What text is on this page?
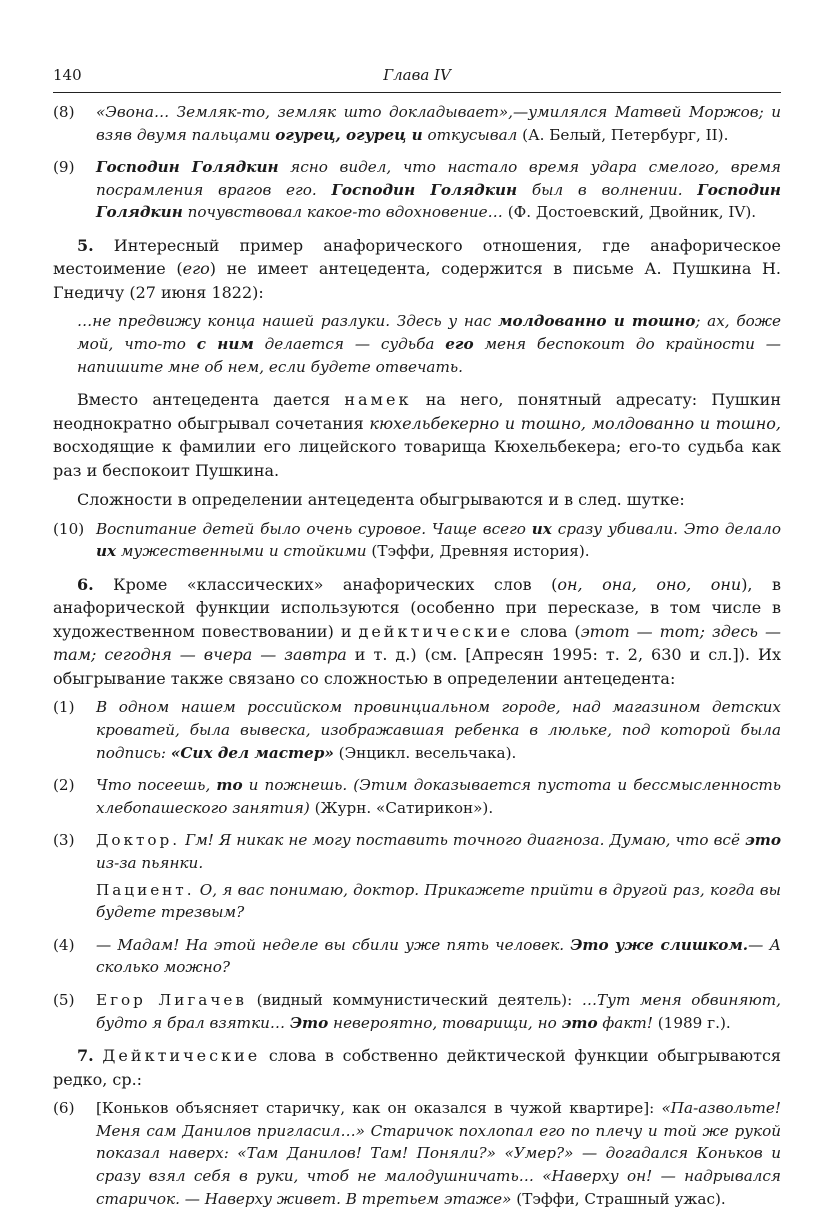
140	Глава IV
(8) «Эвона… Земляк-то, земляк што докладывает»,—умилялся Матвей Моржов; и взяв двумя пальцами огурец, огурец и откусывал (А. Белый, Петербург, II).
(9) Господин Голядкин ясно видел, что настало время удара смелого, время посрамления врагов его. Господин Голядкин был в волнении. Господин Голядкин почувствовал какое-то вдохновение… (Ф. Достоевский, Двойник, IV).

5. Интересный пример анафорического отношения, где анафорическое местоимение (его) не имеет антецедента, содержится в письме А. Пушкина Н. Гнедичу (27 июня 1822):

…не предвижу конца нашей разлуки. Здесь у нас молдованно и тошно; ах, боже мой, что-то с ним делается — судьба его меня беспокоит до крайности — напишите мне об нем, если будете отвечать.

Вместо антецедента дается намек на него, понятный адресату: Пушкин неоднократно обыгрывал сочетания кюхельбекерно и тошно, молдованно и тошно, восходящие к фамилии его лицейского товарища Кюхельбекера; его-то судьба как раз и беспокоит Пушкина.

Сложности в определении антецедента обыгрываются и в след. шутке:

(10) Воспитание детей было очень суровое. Чаще всего их сразу убивали. Это делало их мужественными и стойкими (Тэффи, Древняя история).

6. Кроме «классических» анафорических слов (он, она, оно, они), в анафорической функции используются (особенно при пересказе, в том числе в художественном повествовании) и дейктические слова (этот — тот; здесь — там; сегодня — вчера — завтра и т. д.) (см. [Апресян 1995: т. 2, 630 и сл.]). Их обыгрывание также связано со сложностью в определении антецедента:

(1) В одном нашем российском провинциальном городе, над магазином детских кроватей, была вывеска, изображавшая ребенка в люльке, под которой была подпись: «Сих дел мастер» (Энцикл. весельчака).
(2) Что посеешь, то и пожнешь. (Этим доказывается пустота и бессмысленность хлебопашеского занятия) (Журн. «Сатирикон»).
(3) Доктор. Гм! Я никак не могу поставить точного диагноза. Думаю, что всё это из-за пьянки.
Пациент. О, я вас понимаю, доктор. Прикажете прийти в другой раз, когда вы будете трезвым?
(4) — Мадам! На этой неделе вы сбили уже пять человек. Это уже слишком.— А сколько можно?
(5) Егор Лигачев (видный коммунистический деятель): …Тут меня обвиняют, будто я брал взятки… Это невероятно, товарищи, но это факт! (1989 г.).

7. Дейктические слова в собственно дейктической функции обыгрываются редко, ср.:

(6) [Коньков объясняет старичку, как он оказался в чужой квартире]: «Па-азвольте! Меня сам Данилов пригласил…» Старичок похлопал его по плечу и той же рукой показал наверх: «Там Данилов! Там! Поняли?» «Умер?» — догадался Коньков и сразу взял себя в руки, чтоб не малодушничать… «Наверху он! — надрывался старичок. — Наверху живет. В третьем этаже» (Тэффи, Страшный ужас).
